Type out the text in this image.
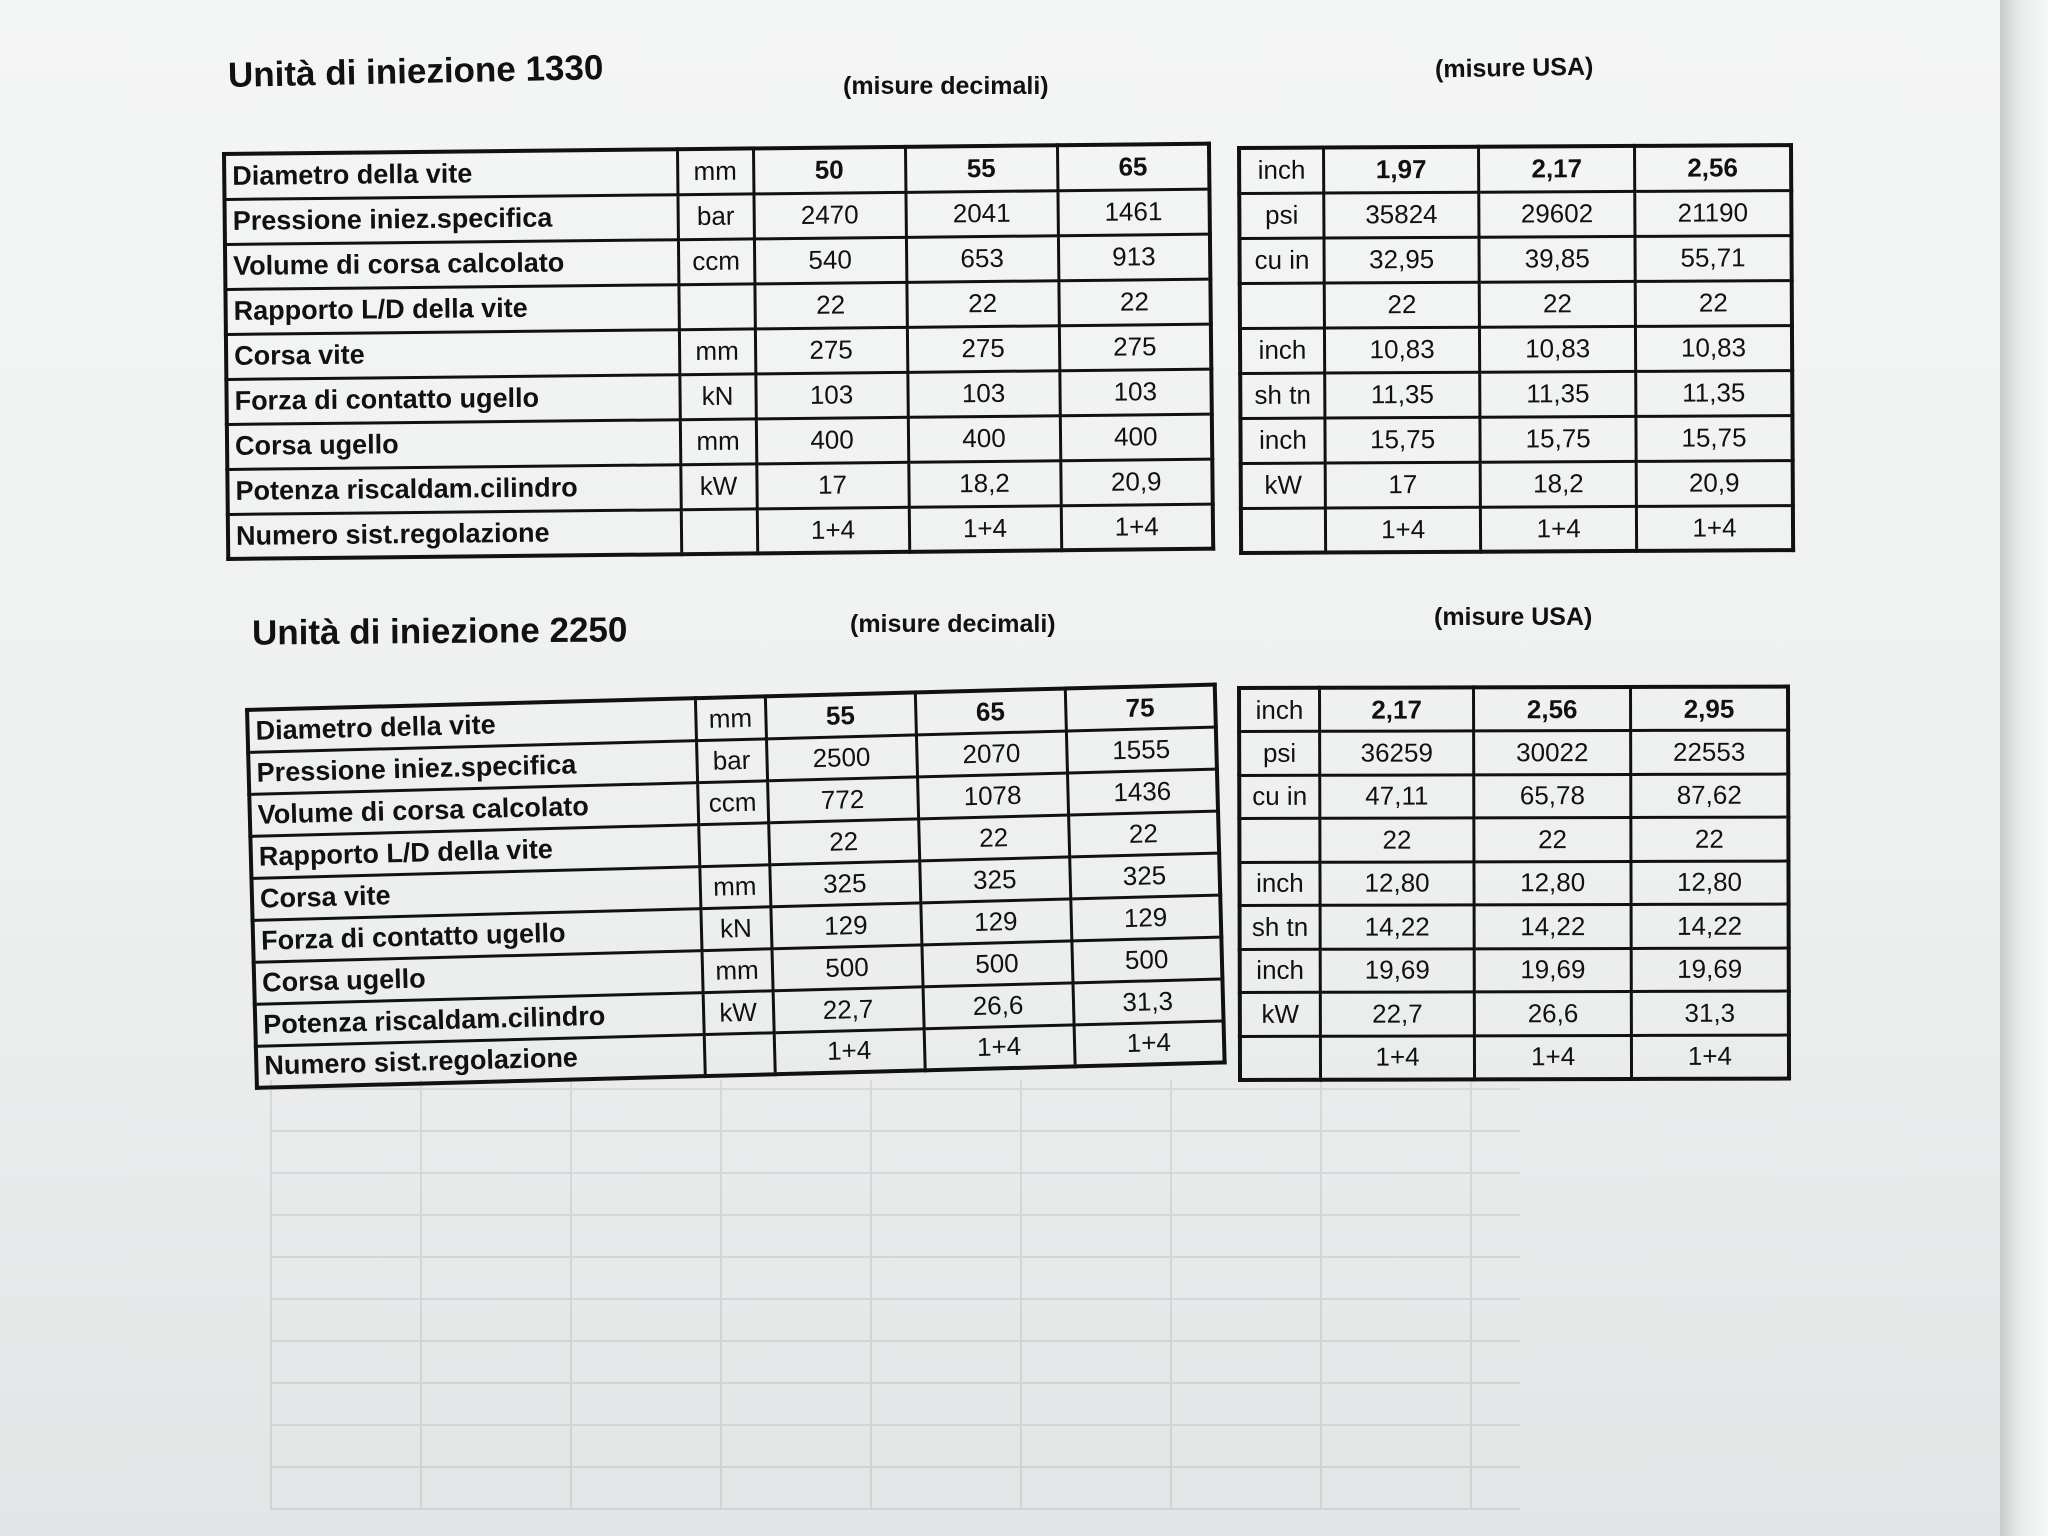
Unità di iniezione 1330	(misure decimali)
(misure USA)
Diametro della vite	mm	50	55	65
Pressione iniez.specifica	bar	2470	2041	1461
Volume di corsa calcolato	ccm	540	653	913
Rapporto L/D della vite		22	22	22
Corsa vite	mm	275	275	275
Forza di contatto ugello	kN	103	103	103
Corsa ugello	mm	400	400	400
Potenza riscaldam.cilindro	kW	17	18,2	20,9
Numero sist.regolazione		1+4	1+4	1+4
inch	1,97	2,17	2,56
psi	35824	29602	21190
cu in	32,95	39,85	55,71
	22	22	22
inch	10,83	10,83	10,83
sh tn	11,35	11,35	11,35
inch	15,75	15,75	15,75
kW	17	18,2	20,9
	1+4	1+4	1+4
Unità di iniezione 2250	(misure decimali)	(misure USA)
Diametro della vite	mm	55	65	75
Pressione iniez.specifica	bar	2500	2070	1555
Volume di corsa calcolato	ccm	772	1078	1436
Rapporto L/D della vite		22	22	22
Corsa vite	mm	325	325	325
Forza di contatto ugello	kN	129	129	129
Corsa ugello	mm	500	500	500
Potenza riscaldam.cilindro	kW	22,7	26,6	31,3
Numero sist.regolazione		1+4	1+4	1+4
inch	2,17	2,56	2,95
psi	36259	30022	22553
cu in	47,11	65,78	87,62
	22	22	22
inch	12,80	12,80	12,80
sh tn	14,22	14,22	14,22
inch	19,69	19,69	19,69
kW	22,7	26,6	31,3
	1+4	1+4	1+4
